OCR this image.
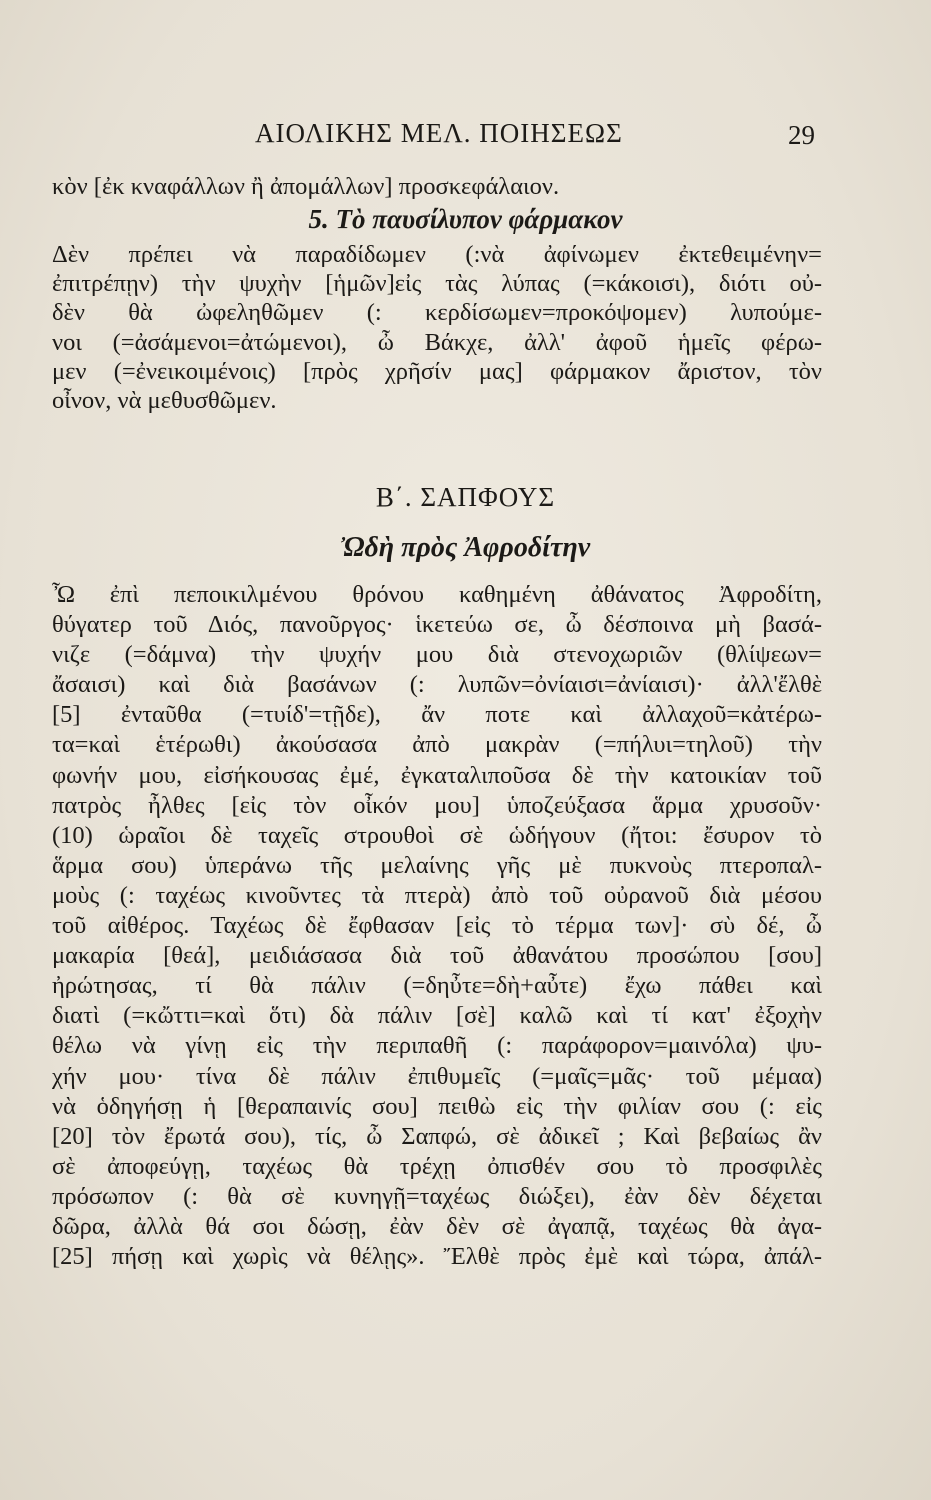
ΑΙΟΛΙΚΗΣ ΜΕΛ. ΠΟΙΗΣΕΩΣ	29
κὸν [ἐκ κναφάλλων ἢ ἀπομάλλων] προσκεφάλαιον.
5. Τὸ παυσίλυπον φάρμακον
Δὲν πρέπει νὰ παραδίδωμεν (:νὰ ἀφίνωμεν ἐκτεθειμένην=
ἐπιτρέπῃν) τὴν ψυχὴν [ἡμῶν]εἰς τὰς λύπας (=κάκοισι), διότι οὐ-
δὲν θὰ ὠφεληθῶμεν (: κερδίσωμεν=προκόψομεν) λυπούμε-
νοι (=ἀσάμενοι=ἀτώμενοι), ὦ Βάκχε, ἀλλ' ἀφοῦ ἡμεῖς φέρω-
μεν (=ἐνεικοιμένοις) [πρὸς χρῆσίν μας] φάρμακον ἄριστον, τὸν
οἶνον, νὰ μεθυσθῶμεν.
Β΄. ΣΑΠΦΟΥΣ
Ὠδὴ πρὸς Ἀφροδίτην
Ὦ ἐπὶ πεποικιλμένου θρόνου καθημένη ἀθάνατος Ἀφροδίτη,
θύγατερ τοῦ Διός, πανοῦργος· ἱκετεύω σε, ὦ δέσποινα μὴ βασά-
νιζε (=δάμνα) τὴν ψυχήν μου διὰ στενοχωριῶν (θλίψεων=
ἄσαισι) καὶ διὰ βασάνων (: λυπῶν=ὀνίαισι=ἀνίαισι)· ἀλλ'ἔλθὲ
[5] ἐνταῦθα (=τυίδ'=τῇδε), ἄν ποτε καὶ ἀλλαχοῦ=κἀτέρω-
τα=καὶ ἑτέρωθι) ἀκούσασα ἀπὸ μακρὰν (=πήλυι=τηλοῦ) τὴν
φωνήν μου, εἰσήκουσας ἐμέ, ἐγκαταλιποῦσα δὲ τὴν κατοικίαν τοῦ
πατρὸς ἦλθες [εἰς τὸν οἶκόν μου] ὑποζεύξασα ἅρμα χρυσοῦν·
(10) ὡραῖοι δὲ ταχεῖς στρουθοὶ σὲ ὡδήγουν (ἤτοι: ἔσυρον τὸ
ἅρμα σου) ὑπεράνω τῆς μελαίνης γῆς μὲ πυκνοὺς πτεροπαλ-
μοὺς (: ταχέως κινοῦντες τὰ πτερὰ) ἀπὸ τοῦ οὐρανοῦ διὰ μέσου
τοῦ αἰθέρος. Ταχέως δὲ ἔφθασαν [εἰς τὸ τέρμα των]· σὺ δέ, ὦ
μακαρία [θεά], μειδιάσασα διὰ τοῦ ἀθανάτου προσώπου [σου]
ἠρώτησας, τί θὰ πάλιν (=δηὖτε=δὴ+αὖτε) ἔχω πάθει καὶ
διατὶ (=κὤττι=καὶ ὅτι) δὰ πάλιν [σὲ] καλῶ καὶ τί κατ' ἐξοχὴν
θέλω νὰ γίνῃ εἰς τὴν περιπαθῆ (: παράφορον=μαινόλα) ψυ-
χήν μου· τίνα δὲ πάλιν ἐπιθυμεῖς (=μαῖς=μᾶς· τοῦ μέμαα)
νὰ ὁδηγήσῃ ἡ [θεραπαινίς σου] πειθὼ εἰς τὴν φιλίαν σου (: εἰς
[20] τὸν ἔρωτά σου), τίς, ὦ Σαπφώ, σὲ ἀδικεῖ ; Καὶ βεβαίως ἂν
σὲ ἀποφεύγῃ, ταχέως θὰ τρέχῃ ὀπισθέν σου τὸ προσφιλὲς
πρόσωπον (: θὰ σὲ κυνηγῇ=ταχέως διώξει), ἐὰν δὲν δέχεται
δῶρα, ἀλλὰ θά σοι δώσῃ, ἐὰν δὲν σὲ ἀγαπᾷ, ταχέως θὰ ἀγα-
[25] πήσῃ καὶ χωρὶς νὰ θέλῃς». Ἔλθὲ πρὸς ἐμὲ καὶ τώρα, ἀπάλ-
